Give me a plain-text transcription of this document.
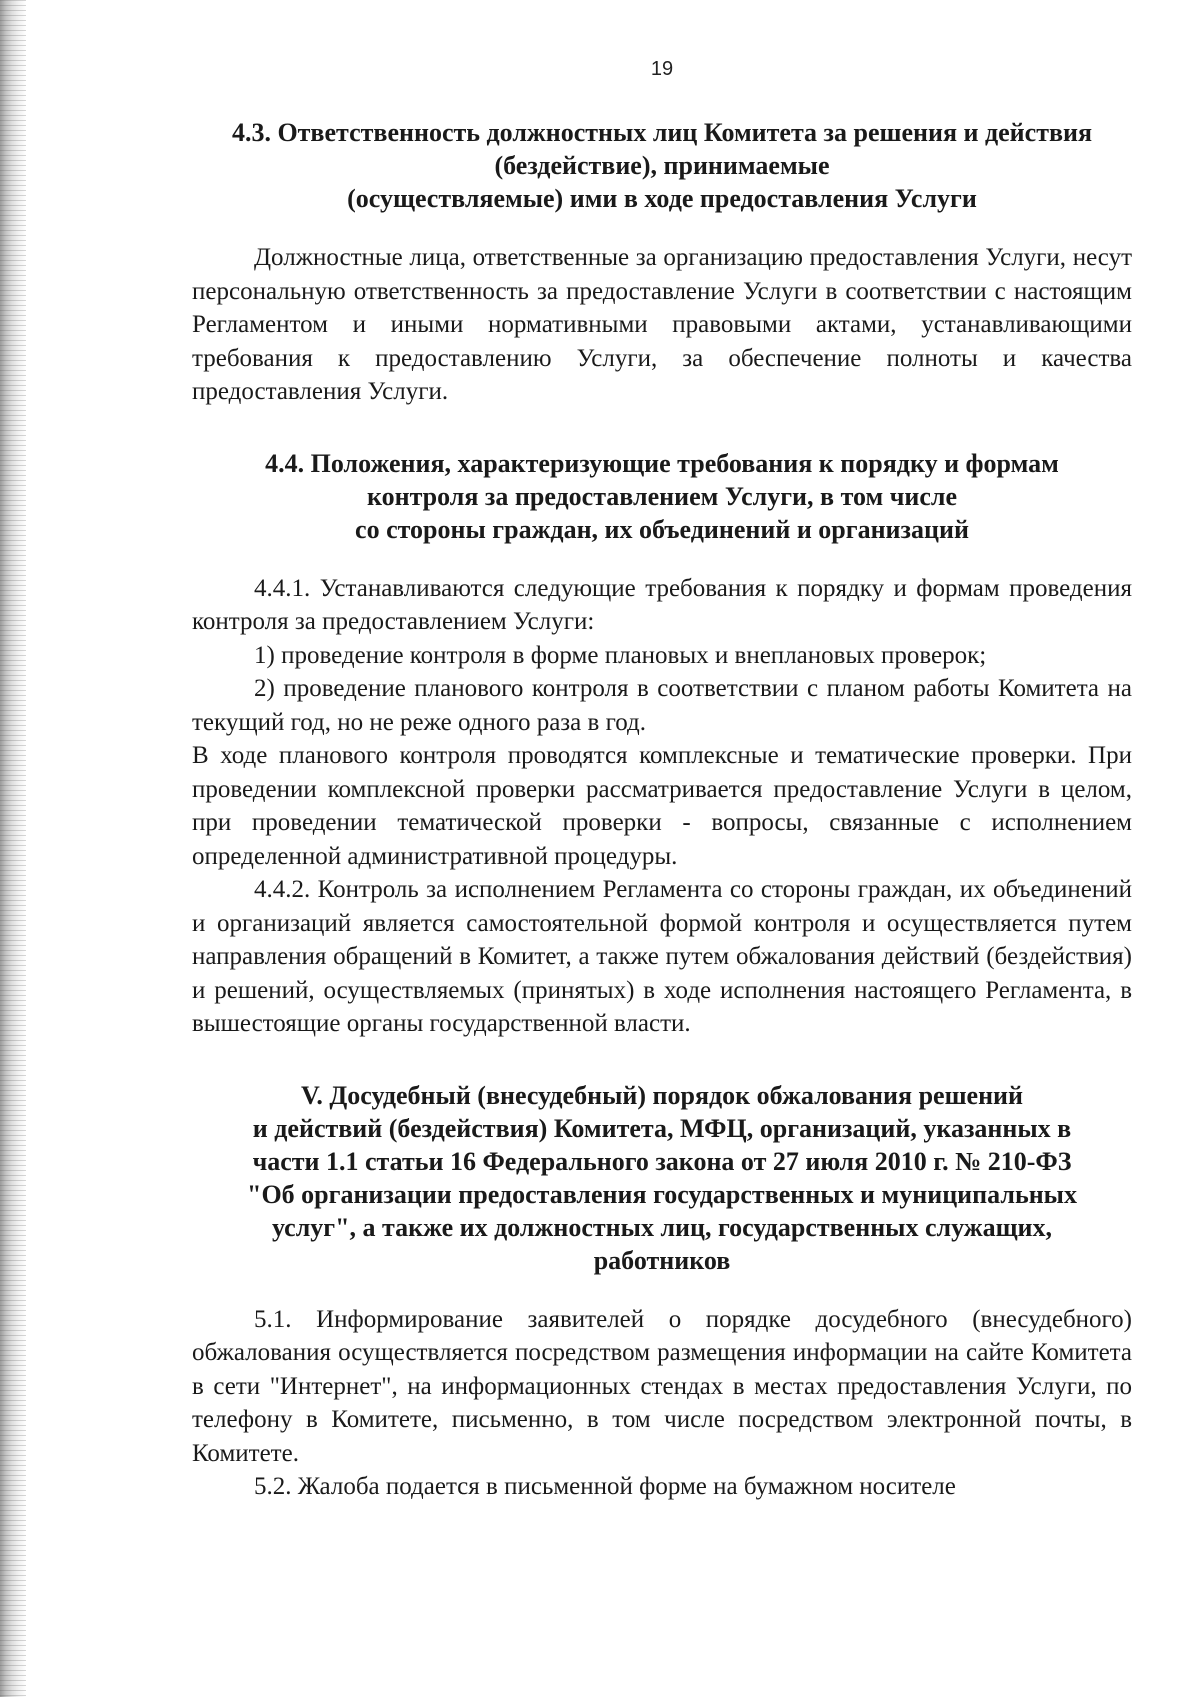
19
4.3. Ответственность должностных лиц Комитета за решения и действия
(бездействие), принимаемые
(осуществляемые) ими в ходе предоставления Услуги

Должностные лица, ответственные за организацию предоставления Услуги, несут персональную ответственность за предоставление Услуги в соответствии с настоящим Регламентом и иными нормативными правовыми актами, устанавливающими требования к предоставлению Услуги, за обеспечение полноты и качества предоставления Услуги.

4.4. Положения, характеризующие требования к порядку и формам
контроля за предоставлением Услуги, в том числе
со стороны граждан, их объединений и организаций

4.4.1. Устанавливаются следующие требования к порядку и формам проведения контроля за предоставлением Услуги:

1) проведение контроля в форме плановых и внеплановых проверок;

2) проведение планового контроля в соответствии с планом работы Комитета на текущий год, но не реже одного раза в год.

В ходе планового контроля проводятся комплексные и тематические проверки. При проведении комплексной проверки рассматривается предоставление Услуги в целом, при проведении тематической проверки - вопросы, связанные с исполнением определенной административной процедуры.

4.4.2. Контроль за исполнением Регламента со стороны граждан, их объединений и организаций является самостоятельной формой контроля и осуществляется путем направления обращений в Комитет, а также путем обжалования действий (бездействия) и решений, осуществляемых (принятых) в ходе исполнения настоящего Регламента, в вышестоящие органы государственной власти.

V. Досудебный (внесудебный) порядок обжалования решений
и действий (бездействия) Комитета, МФЦ, организаций, указанных в
части 1.1 статьи 16 Федерального закона от 27 июля 2010 г. № 210-ФЗ
"Об организации предоставления государственных и муниципальных
услуг", а также их должностных лиц, государственных служащих,
работников

5.1. Информирование заявителей о порядке досудебного (внесудебного) обжалования осуществляется посредством размещения информации на сайте Комитета в сети "Интернет", на информационных стендах в местах предоставления Услуги, по телефону в Комитете, письменно, в том числе посредством электронной почты, в Комитете.

5.2. Жалоба подается в письменной форме на бумажном носителе
